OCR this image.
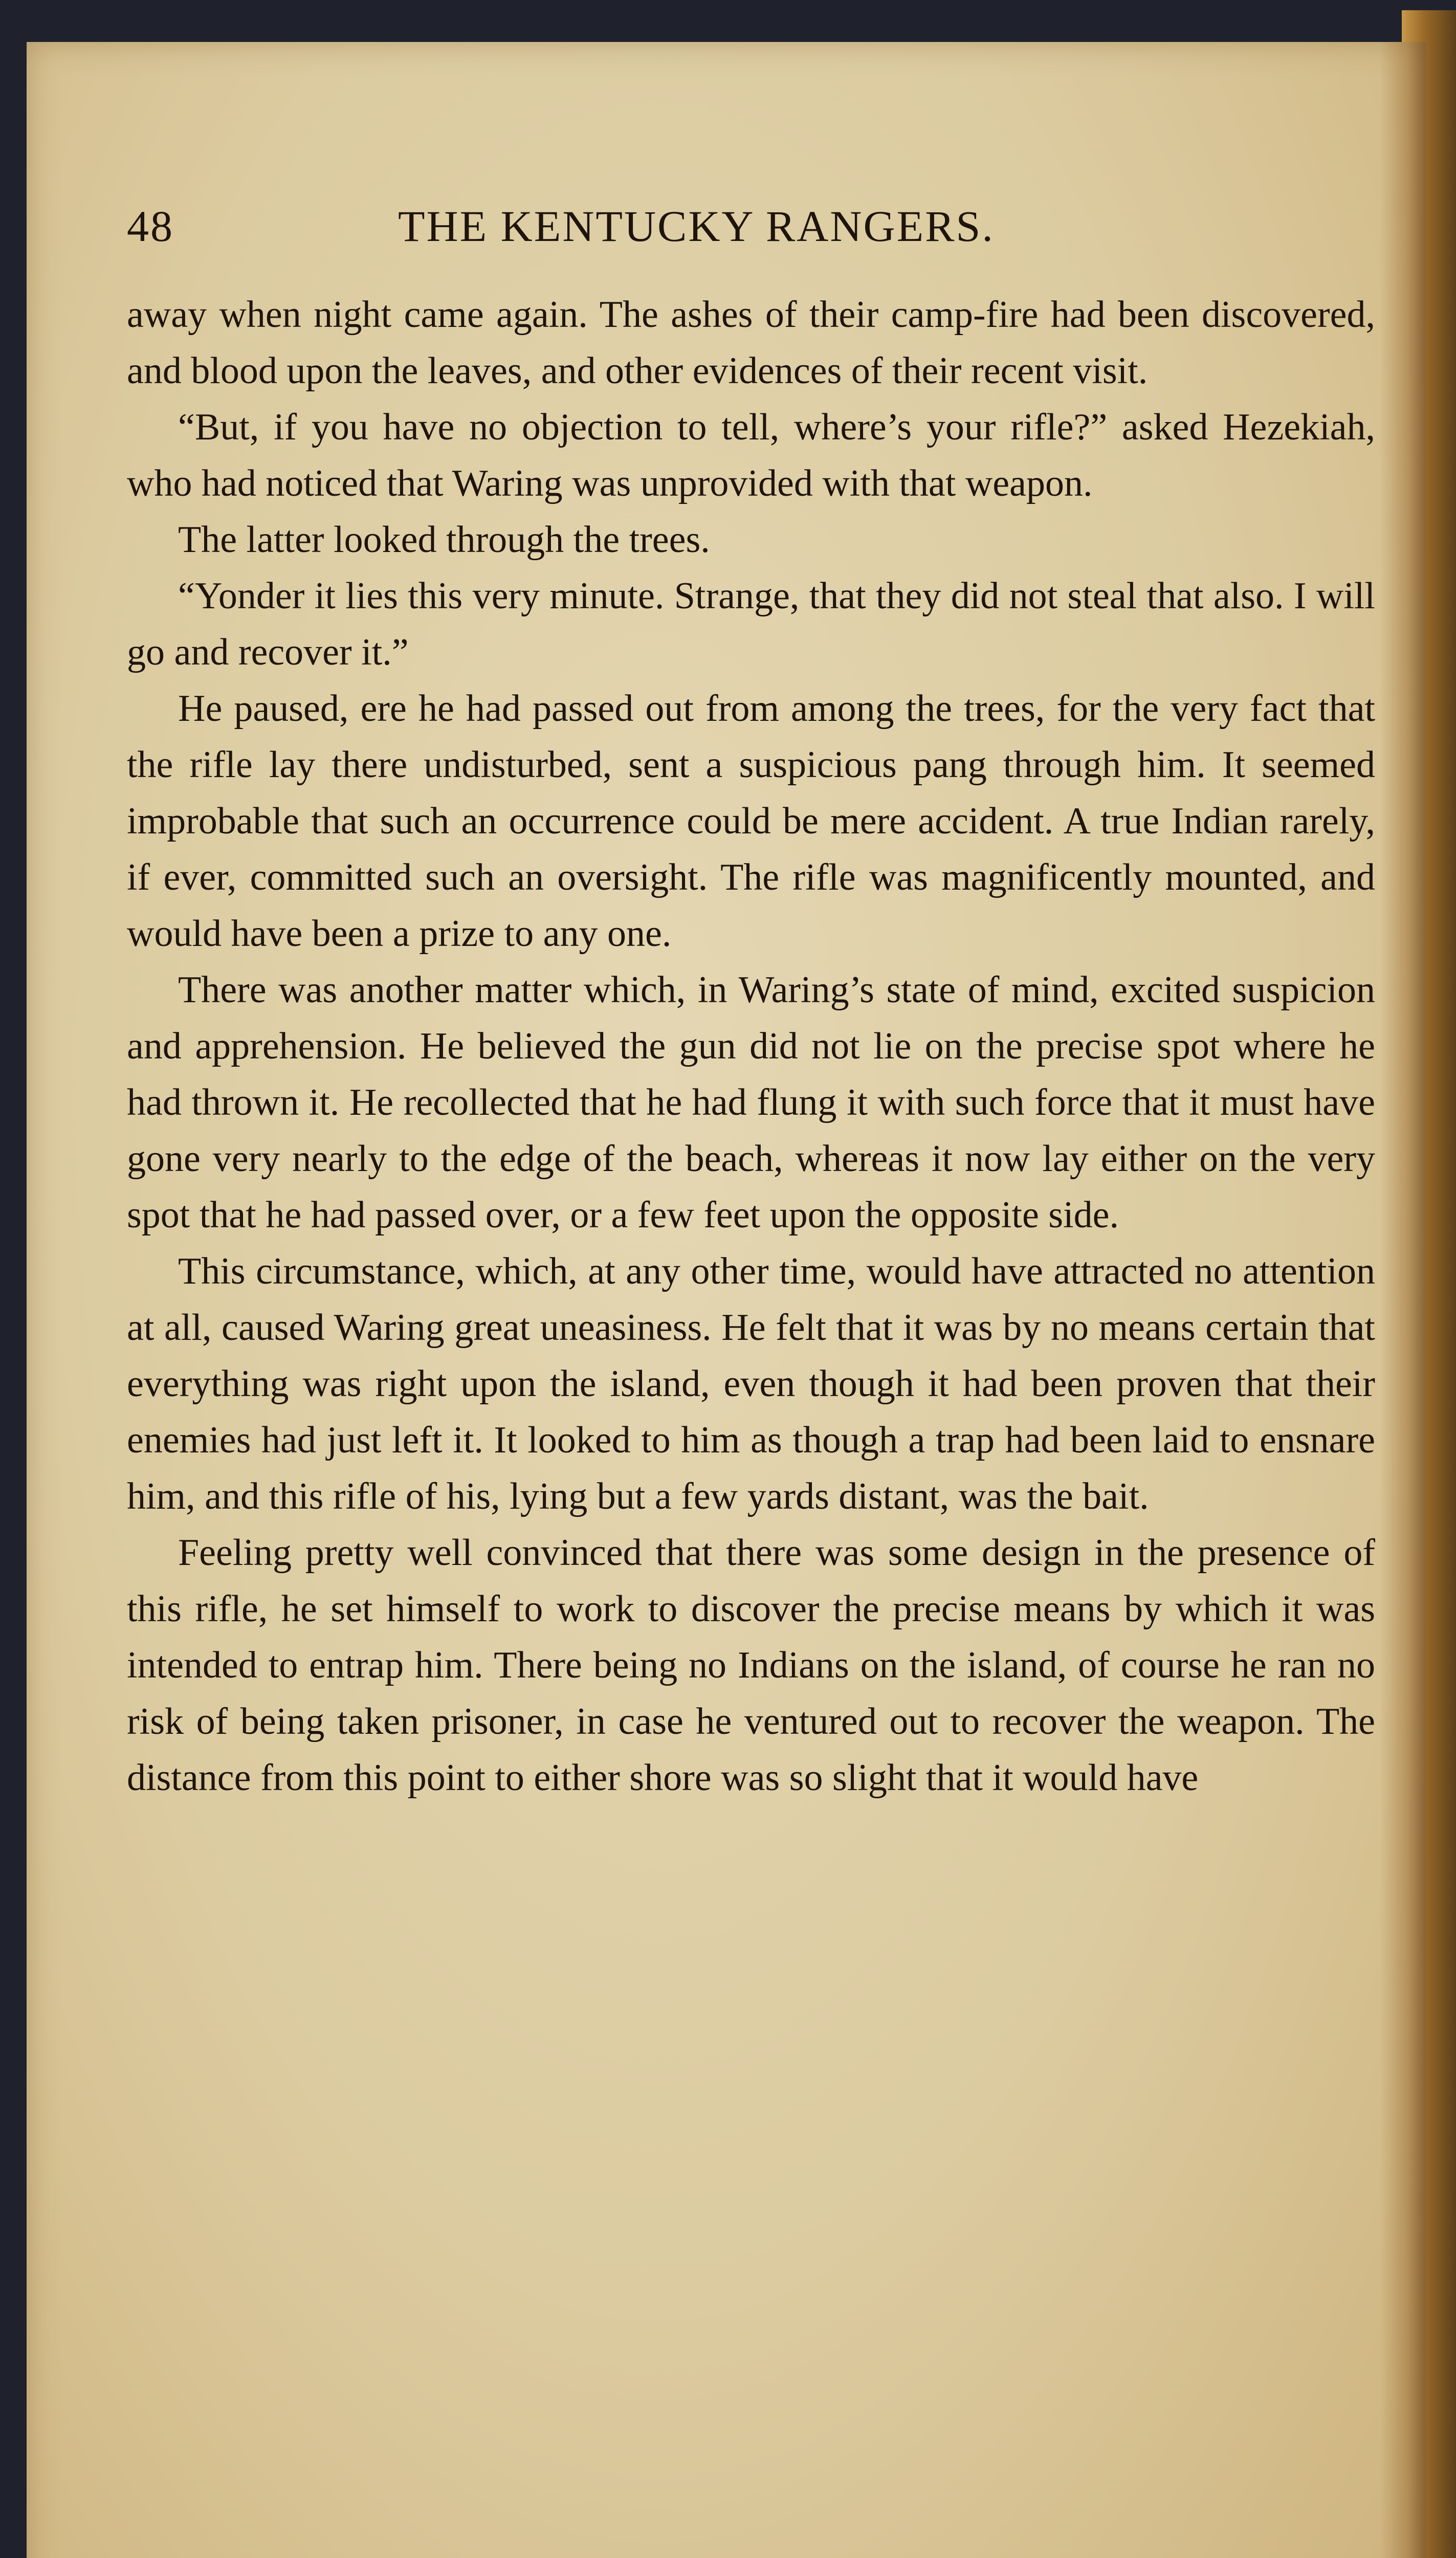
48	THE KENTUCKY RANGERS.

away when night came again. The ashes of their camp-fire had been discovered, and blood upon the leaves, and other evidences of their recent visit.

“But, if you have no objection to tell, where’s your rifle?” asked Hezekiah, who had noticed that Waring was unprovided with that weapon.

The latter looked through the trees.

“Yonder it lies this very minute. Strange, that they did not steal that also. I will go and recover it.”

He paused, ere he had passed out from among the trees, for the very fact that the rifle lay there undisturbed, sent a suspicious pang through him. It seemed improbable that such an occurrence could be mere accident. A true Indian rarely, if ever, committed such an oversight. The rifle was magnificently mounted, and would have been a prize to any one.

There was another matter which, in Waring’s state of mind, excited suspicion and apprehension. He believed the gun did not lie on the precise spot where he had thrown it. He recollected that he had flung it with such force that it must have gone very nearly to the edge of the beach, whereas it now lay either on the very spot that he had passed over, or a few feet upon the opposite side.

This circumstance, which, at any other time, would have attracted no attention at all, caused Waring great uneasiness. He felt that it was by no means certain that everything was right upon the island, even though it had been proven that their enemies had just left it. It looked to him as though a trap had been laid to ensnare him, and this rifle of his, lying but a few yards distant, was the bait.

Feeling pretty well convinced that there was some design in the presence of this rifle, he set himself to work to discover the precise means by which it was intended to entrap him. There being no Indians on the island, of course he ran no risk of being taken prisoner, in case he ventured out to recover the weapon. The distance from this point to either shore was so slight that it would have
